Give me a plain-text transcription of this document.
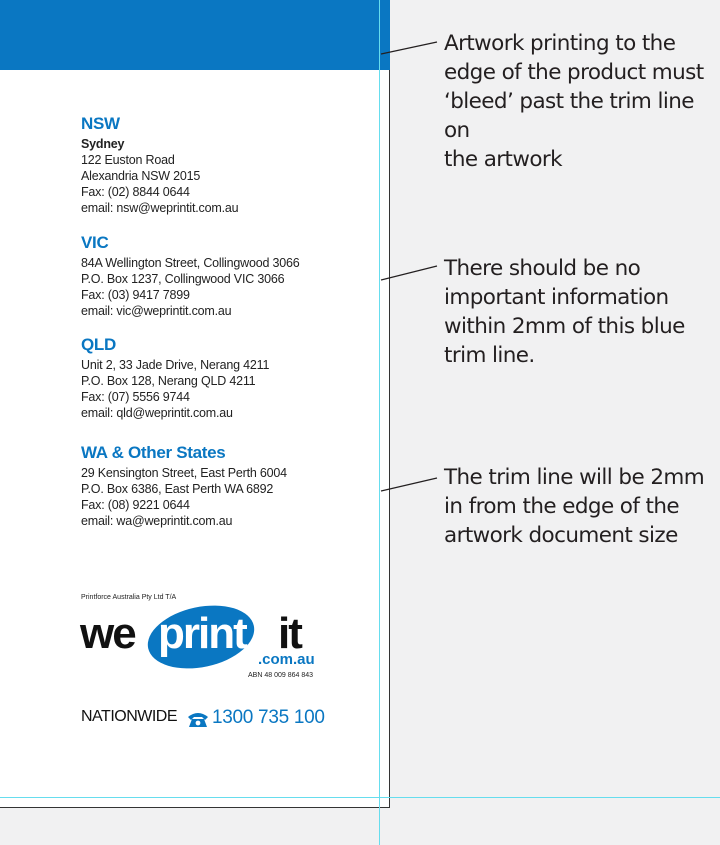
NSW
Sydney
122 Euston Road
Alexandria NSW 2015
Fax: (02) 8844 0644
email: nsw@weprintit.com.au
VIC
84A Wellington Street, Collingwood 3066
P.O. Box 1237, Collingwood VIC 3066
Fax: (03) 9417 7899
email: vic@weprintit.com.au
QLD
Unit 2, 33 Jade Drive, Nerang 4211
P.O. Box 128, Nerang QLD 4211
Fax: (07) 5556 9744
email: qld@weprintit.com.au
WA & Other States
29 Kensington Street, East Perth 6004
P.O. Box 6386, East Perth WA 6892
Fax: (08) 9221 0644
email: wa@weprintit.com.au
Printforce Australia Pty Ltd T/A
we print it
.com.au
ABN 48 009 864 843
NATIONWIDE 1300 735 100
Artwork printing to the
edge of the product must
‘bleed’ past the trim line on
the artwork
There should be no
important information
within 2mm of this blue
trim line.
The trim line will be 2mm
in from the edge of the
artwork document size
